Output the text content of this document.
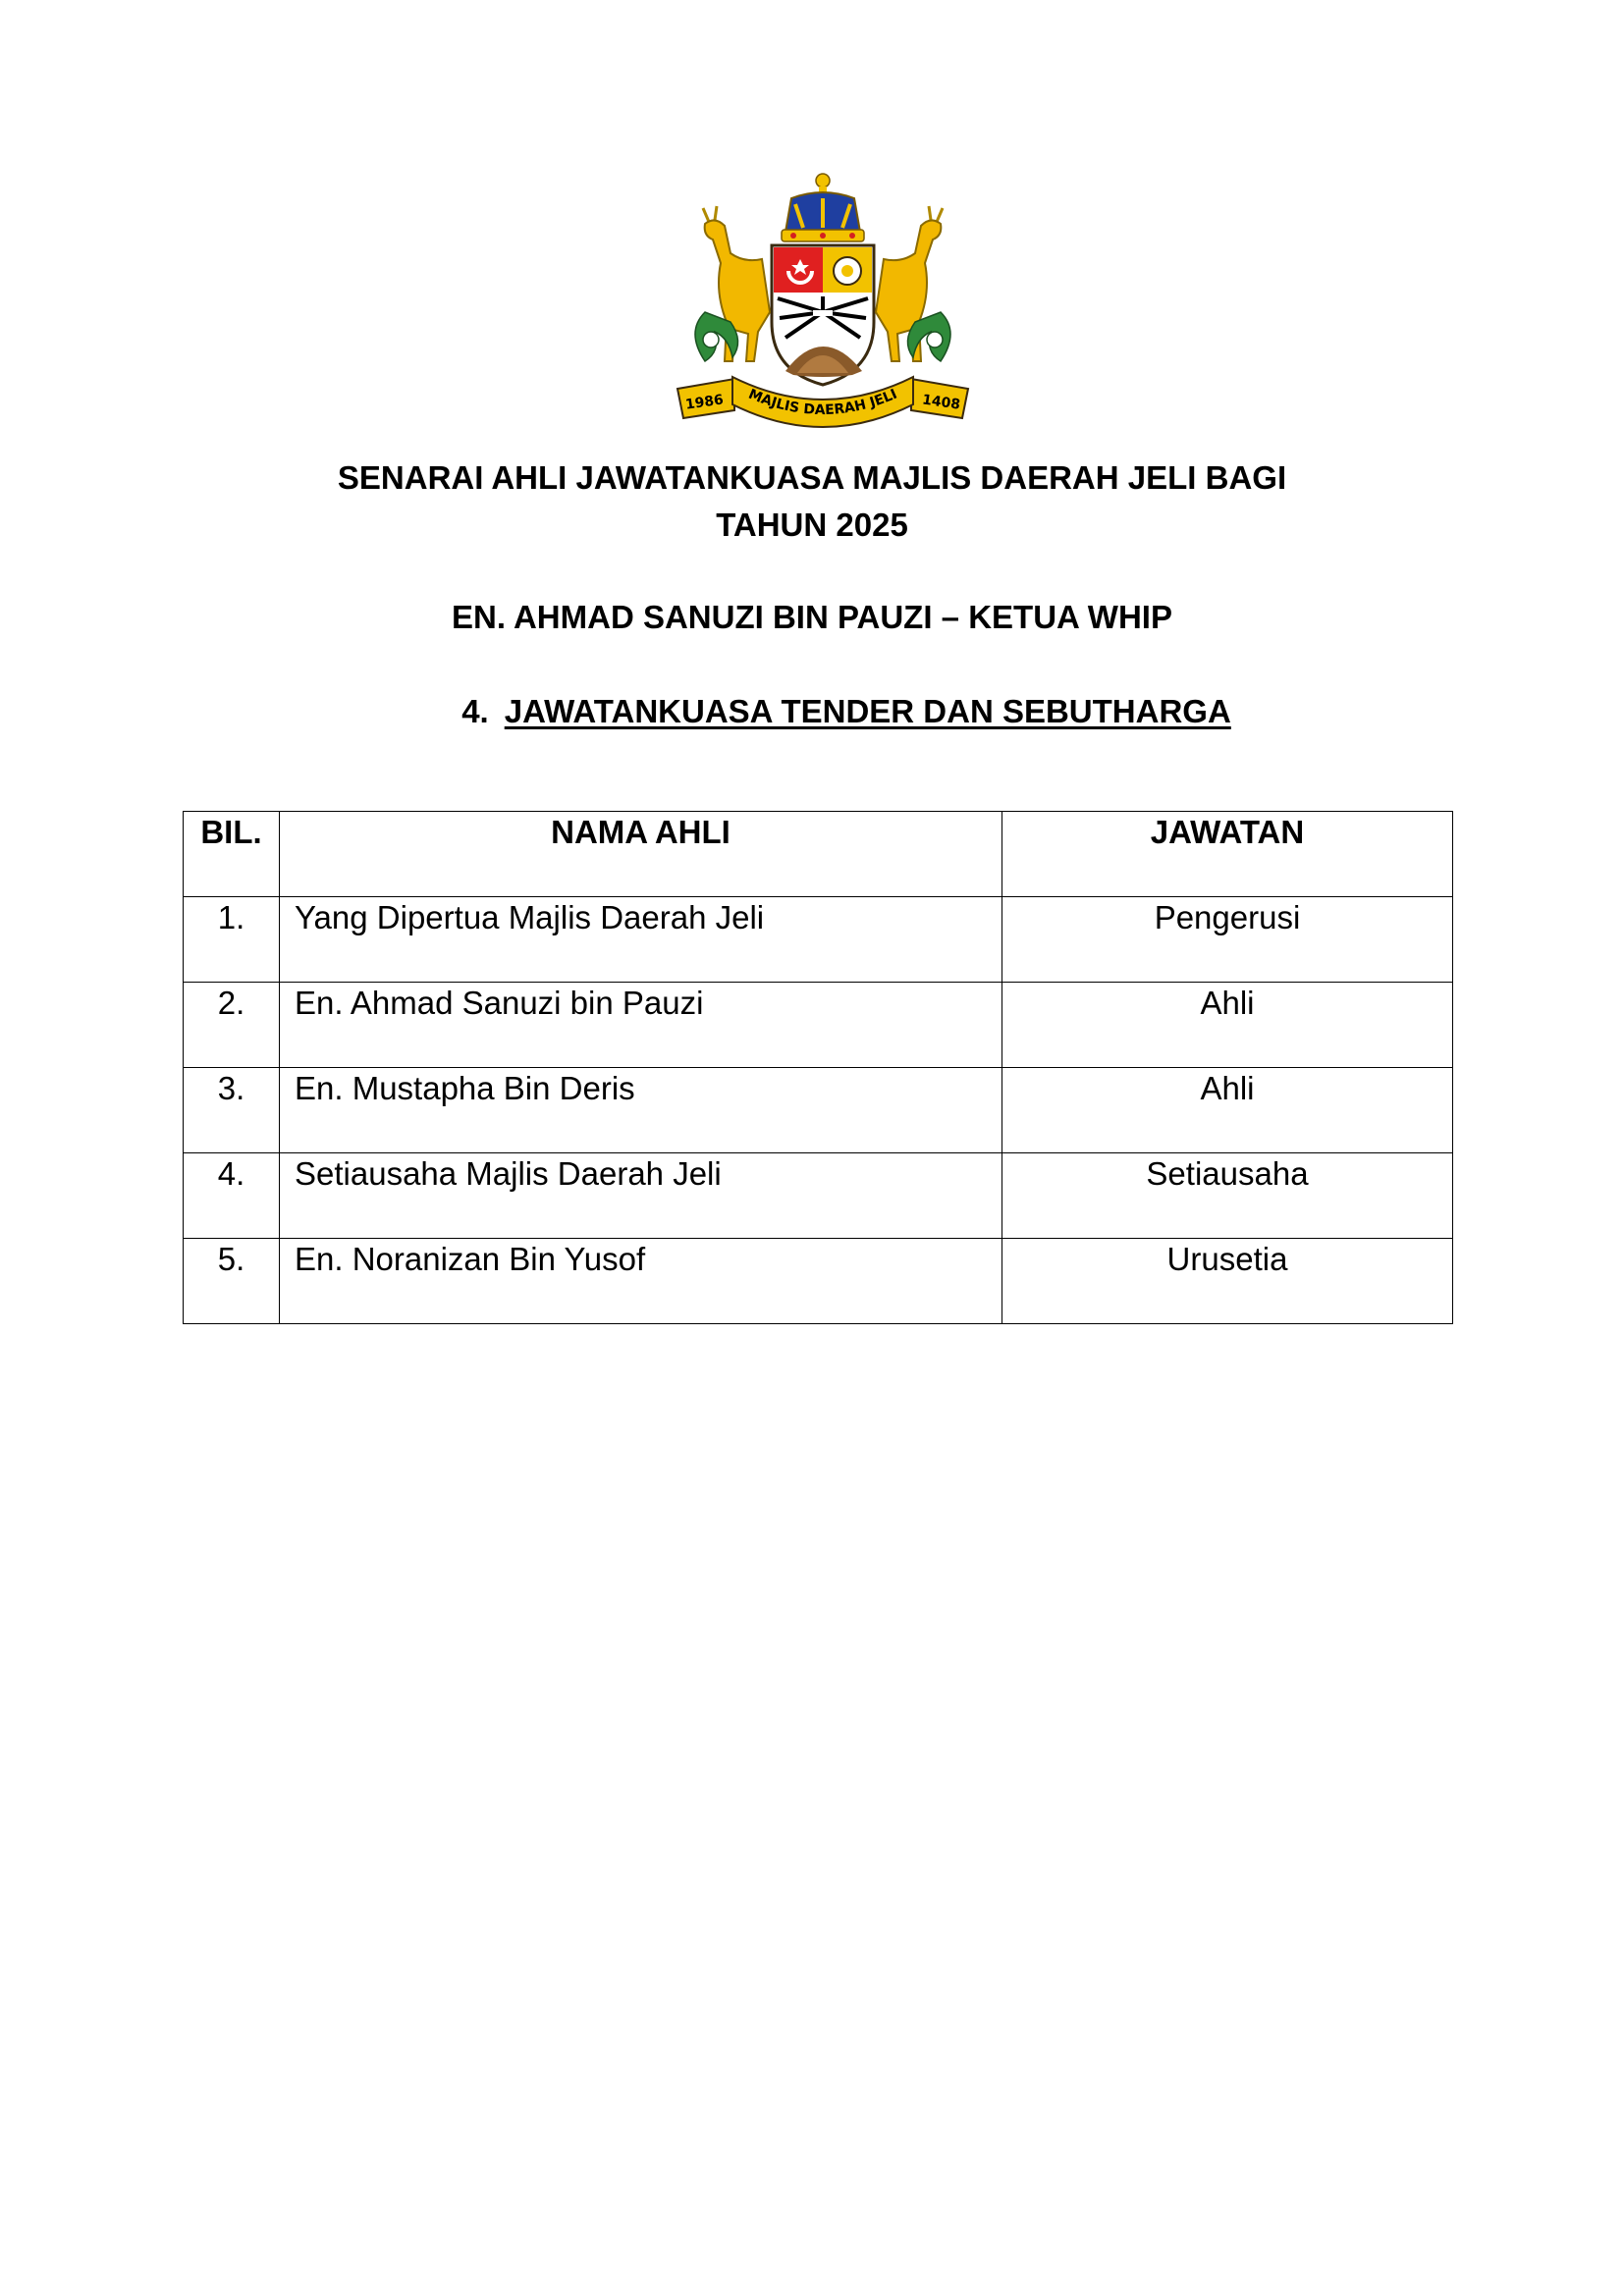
1986	1408
MAJLIS DAERAH JELI
SENARAI AHLI JAWATANKUASA MAJLIS DAERAH JELI BAGI
TAHUN 2025
EN. AHMAD SANUZI BIN PAUZI – KETUA WHIP
4. JAWATANKUASA TENDER DAN SEBUTHARGA
BIL.	NAMA AHLI	JAWATAN
1.	Yang Dipertua Majlis Daerah Jeli	Pengerusi
2.	En. Ahmad Sanuzi bin Pauzi	Ahli
3.	En. Mustapha Bin Deris	Ahli
4.	Setiausaha Majlis Daerah Jeli	Setiausaha
5.	En. Noranizan Bin Yusof	Urusetia
